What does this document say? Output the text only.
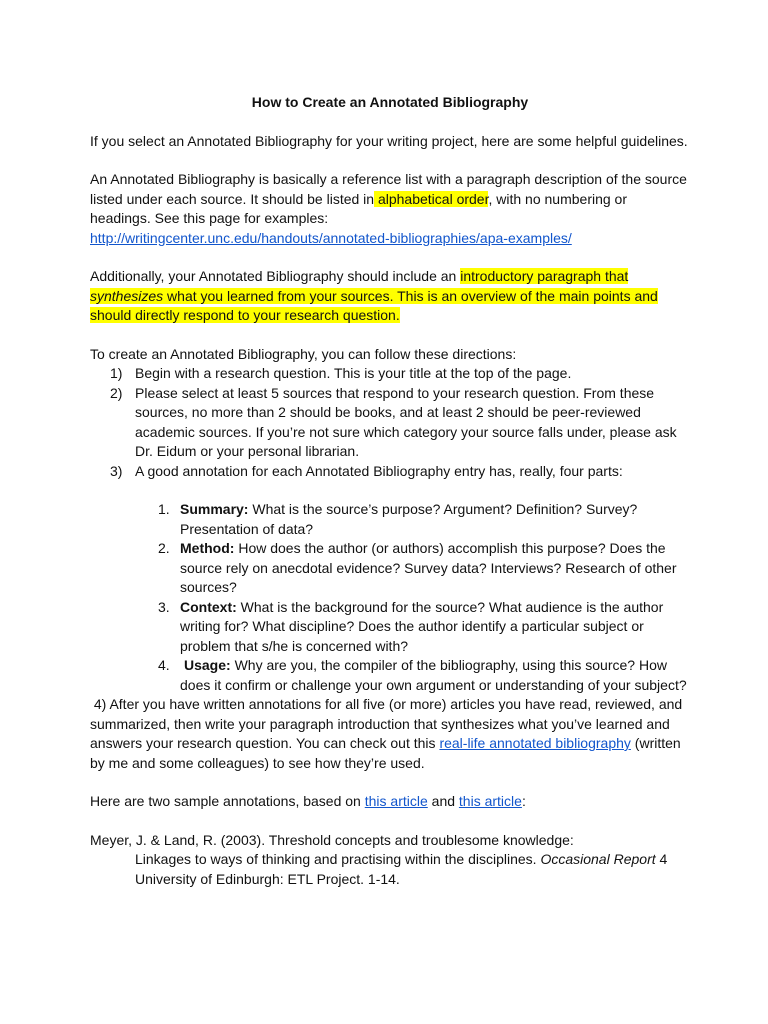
How to Create an Annotated Bibliography

If you select an Annotated Bibliography for your writing project, here are some helpful guidelines.

An Annotated Bibliography is basically a reference list with a paragraph description of the source listed under each source. It should be listed in alphabetical order, with no numbering or headings. See this page for examples:
http://writingcenter.unc.edu/handouts/annotated-bibliographies/apa-examples/

Additionally, your Annotated Bibliography should include an introductory paragraph that synthesizes what you learned from your sources. This is an overview of the main points and should directly respond to your research question.

To create an Annotated Bibliography, you can follow these directions:
1) Begin with a research question. This is your title at the top of the page.
2) Please select at least 5 sources that respond to your research question. From these sources, no more than 2 should be books, and at least 2 should be peer-reviewed academic sources. If you’re not sure which category your source falls under, please ask Dr. Eidum or your personal librarian.
3) A good annotation for each Annotated Bibliography entry has, really, four parts:
1. Summary: What is the source’s purpose? Argument? Definition? Survey? Presentation of data?
2. Method: How does the author (or authors) accomplish this purpose? Does the source rely on anecdotal evidence? Survey data? Interviews? Research of other sources?
3. Context: What is the background for the source? What audience is the author writing for? What discipline? Does the author identify a particular subject or problem that s/he is concerned with?
4. Usage: Why are you, the compiler of the bibliography, using this source? How does it confirm or challenge your own argument or understanding of your subject?

4) After you have written annotations for all five (or more) articles you have read, reviewed, and summarized, then write your paragraph introduction that synthesizes what you’ve learned and answers your research question. You can check out this real-life annotated bibliography (written by me and some colleagues) to see how they’re used.

Here are two sample annotations, based on this article and this article:

Meyer, J. & Land, R. (2003). Threshold concepts and troublesome knowledge:
Linkages to ways of thinking and practising within the disciplines. Occasional Report 4
University of Edinburgh: ETL Project. 1-14.
